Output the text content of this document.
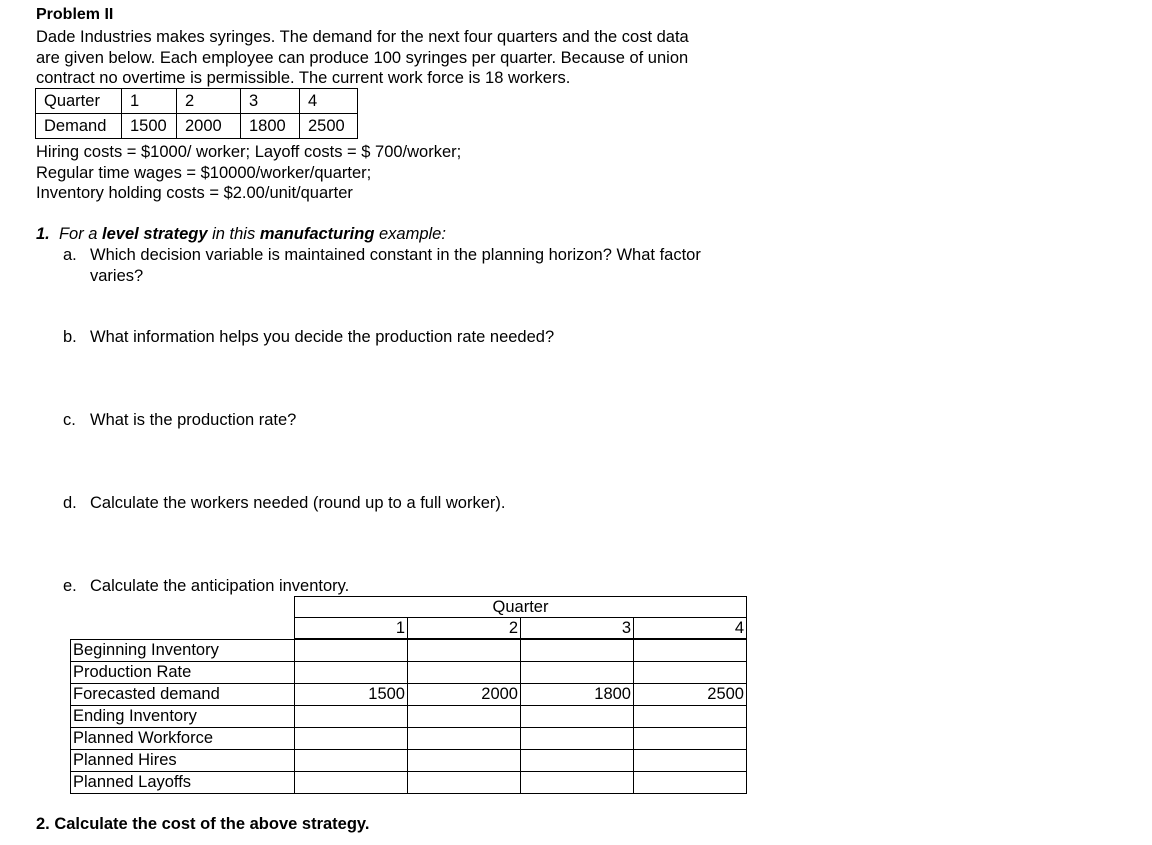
Problem II
Dade Industries makes syringes. The demand for the next four quarters and the cost data
are given below. Each employee can produce 100 syringes per quarter. Because of union
contract no overtime is permissible. The current work force is 18 workers.
Quarter	1	2	3	4
Demand	1500	2000	1800	2500
Hiring costs = $1000/ worker; Layoff costs = $ 700/worker;
Regular time wages = $10000/worker/quarter;
Inventory holding costs = $2.00/unit/quarter
1. For a level strategy in this manufacturing example:
a. Which decision variable is maintained constant in the planning horizon? What factor
varies?
b. What information helps you decide the production rate needed?
c. What is the production rate?
d. Calculate the workers needed (round up to a full worker).
e. Calculate the anticipation inventory.
Quarter
1	2	3	4
Beginning Inventory
Production Rate
Forecasted demand	1500	2000	1800	2500
Ending Inventory
Planned Workforce
Planned Hires
Planned Layoffs
2. Calculate the cost of the above strategy.
